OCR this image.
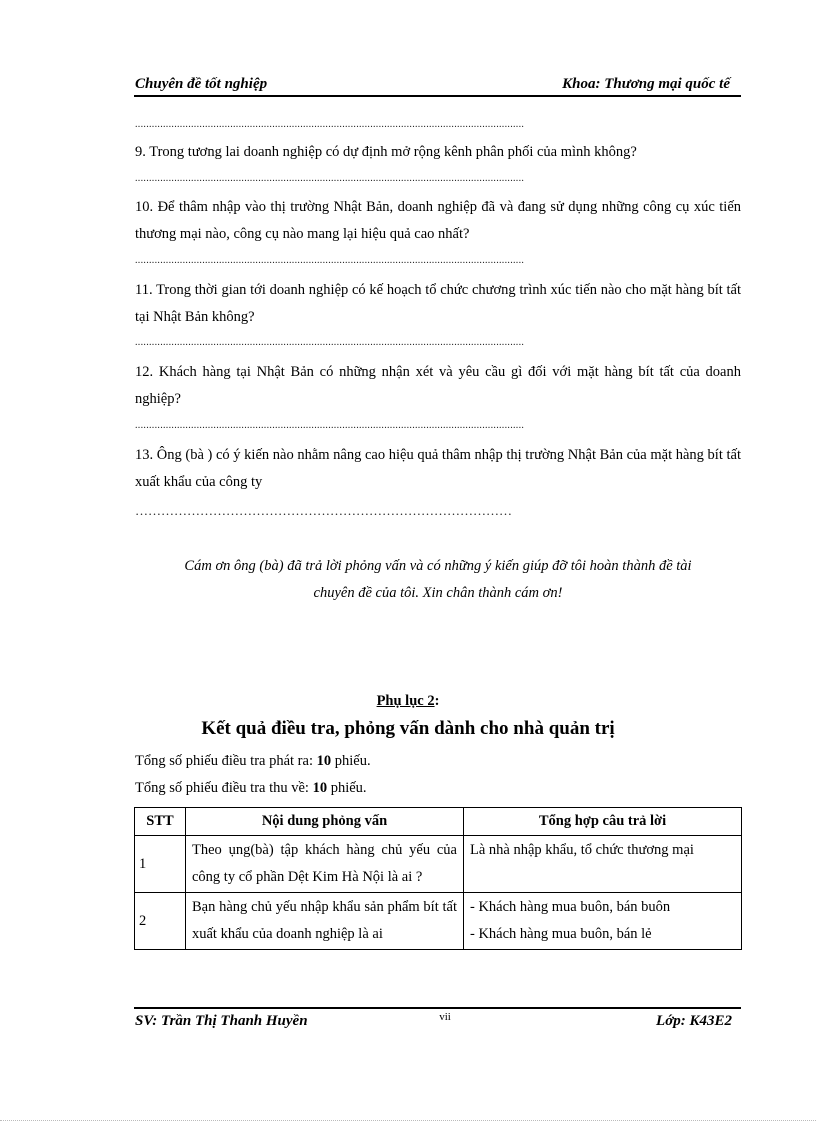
Chuyên đề tốt nghiệp	Khoa: Thương mại quốc tế
...........................................................................................................................................
9. Trong tương lai doanh nghiệp có dự định mở rộng kênh phân phối của mình không?
...........................................................................................................................................
10. Để thâm nhập vào thị trường Nhật Bản, doanh nghiệp đã và đang sử dụng những công cụ xúc tiến thương mại nào, công cụ nào mang lại hiệu quả cao nhất?
...........................................................................................................................................
11. Trong thời gian tới doanh nghiệp có kế hoạch tổ chức chương trình xúc tiến nào cho mặt hàng bít tất tại Nhật Bản không?
...........................................................................................................................................
12. Khách hàng tại Nhật Bản có những nhận xét và yêu cầu gì đối với mặt hàng bít tất của doanh nghiệp?
...........................................................................................................................................
13. Ông (bà ) có ý kiến nào nhằm nâng cao hiệu quả thâm nhập thị trường Nhật Bản của mặt hàng bít tất xuất khẩu của công ty
……………………………………………………………………………
Cám ơn ông (bà) đã trả lời phỏng vấn và có những ý kiến giúp đỡ tôi hoàn thành đề tài
chuyên đề của tôi. Xin chân thành cám ơn!
Phụ lục 2:
Kết quả điều tra, phỏng vấn dành cho nhà quản trị
Tổng số phiếu điều tra phát ra: 10 phiếu.
Tổng số phiếu điều tra thu về: 10 phiếu.
STT	Nội dung phỏng vấn	Tổng hợp câu trả lời
1	Theo ụng(bà) tập khách hàng chủ yếu của công ty cổ phần Dệt Kim Hà Nội là ai ?	Là nhà nhập khẩu, tổ chức thương mại

2	Bạn hàng chủ yếu nhập khẩu sản phẩm bít tất xuất khẩu của doanh nghiệp là ai	- Khách hàng mua buôn, bán buôn
- Khách hàng mua buôn, bán lẻ
SV: Trần Thị Thanh Huyền	vii	Lớp: K43E2
